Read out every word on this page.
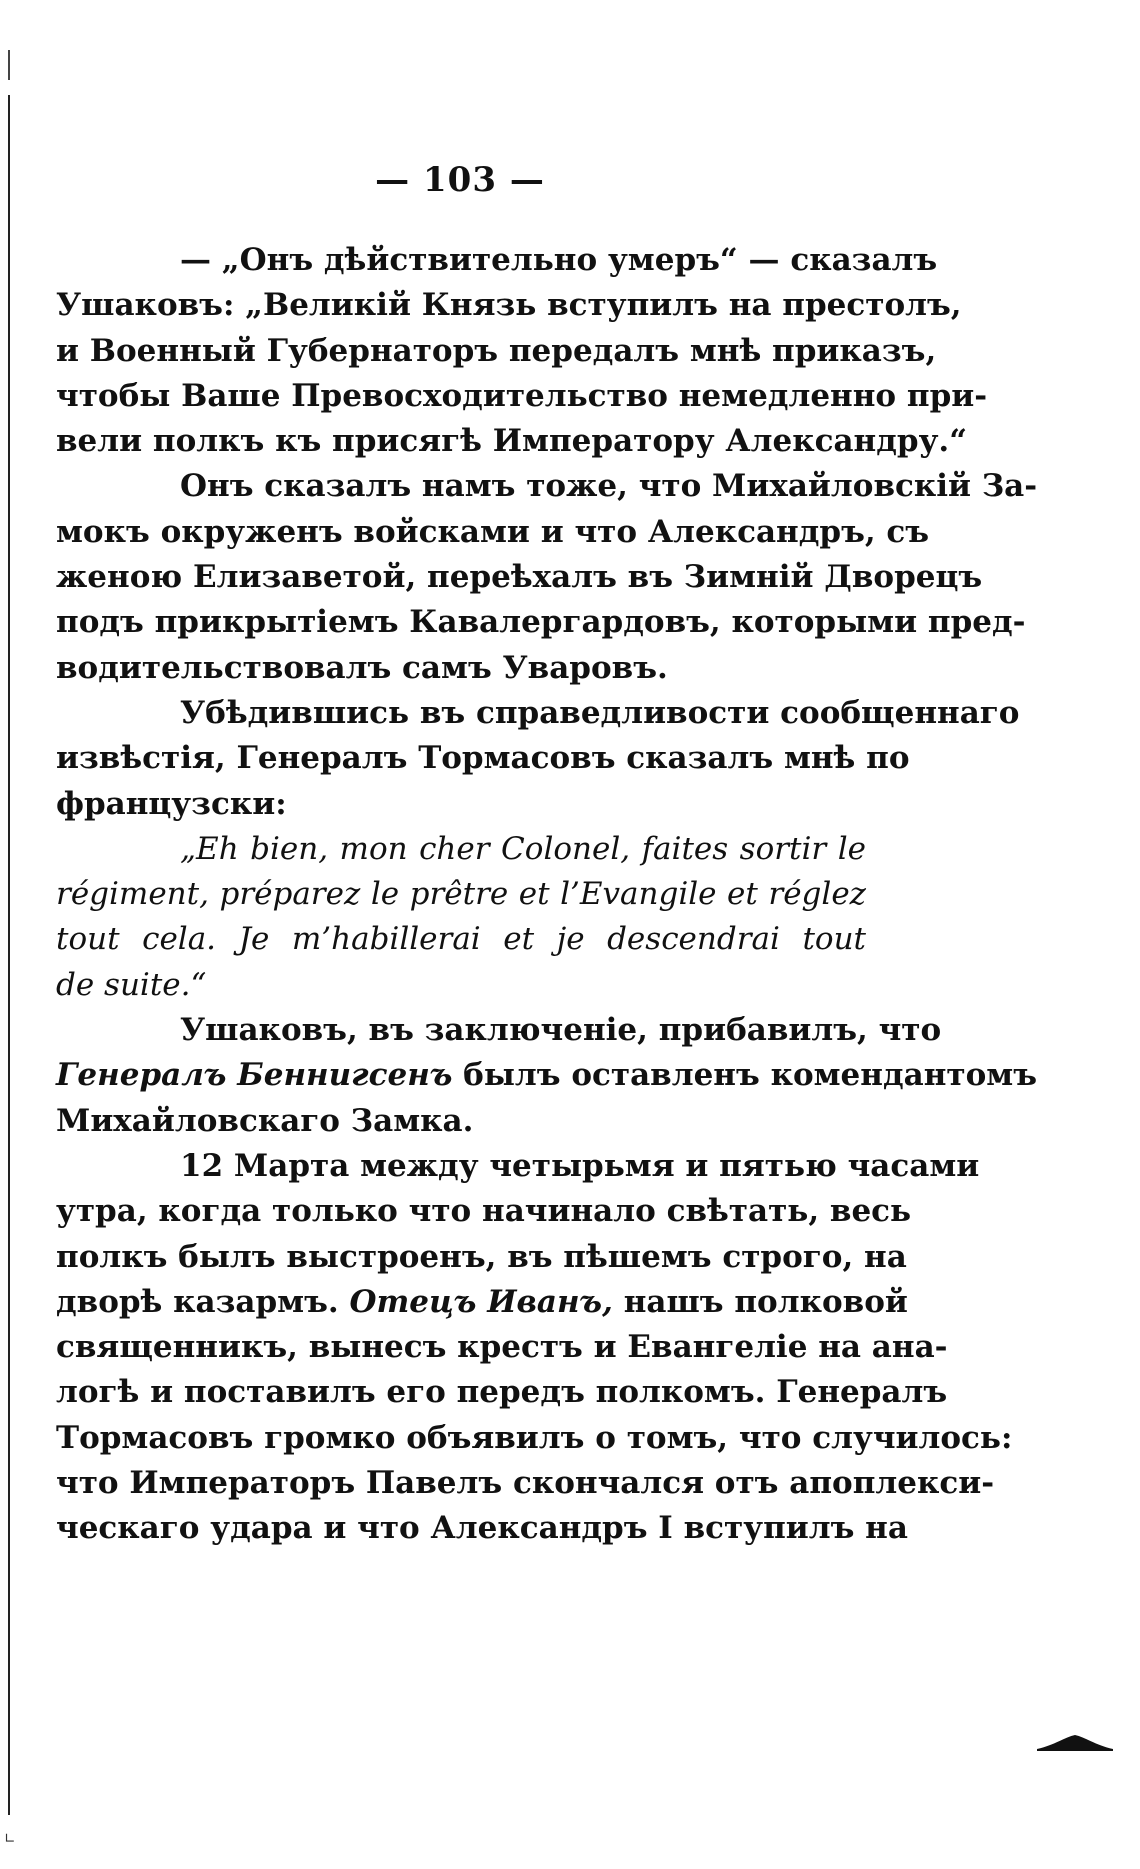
— 103 —
— „Онъ дѣйствительно умеръ“ — сказалъ
Ушаковъ: „Великій Князь вступилъ на престолъ,
и Военный Губернаторъ передалъ мнѣ приказъ,
чтобы Ваше Превосходительство немедленно при-
вели полкъ къ присягѣ Императору Александру.“
Онъ сказалъ намъ тоже, что Михайловскій За-
мокъ окруженъ войсками и что Александръ, съ
женою Елизаветой, переѣхалъ въ Зимній Дворецъ
подъ прикрытіемъ Кавалергардовъ, которыми пред-
водительствовалъ самъ Уваровъ.
Убѣдившись въ справедливости сообщеннаго
извѣстія, Генералъ Тормасовъ сказалъ мнѣ по
французски:
„Eh bien, mon cher Colonel, faites sortir le
régiment, préparez le prêtre et l’Evangile et réglez
tout cela. Je m’habillerai et je descendrai tout
de suite.“
Ушаковъ, въ заключеніе, прибавилъ, что
Генералъ Беннигсенъ былъ оставленъ комендантомъ
Михайловскаго Замка.
12 Марта между четырьмя и пятью часами
утра, когда только что начинало свѣтать, весь
полкъ былъ выстроенъ, въ пѣшемъ строго, на
дворѣ казармъ. Отецъ Иванъ, нашъ полковой
священникъ, вынесъ крестъ и Евангеліе на ана-
логѣ и поставилъ его передъ полкомъ. Генералъ
Тормасовъ громко объявилъ о томъ, что случилось:
что Императоръ Павелъ скончался отъ апоплекси-
ческаго удара и что Александръ I вступилъ на
∟
